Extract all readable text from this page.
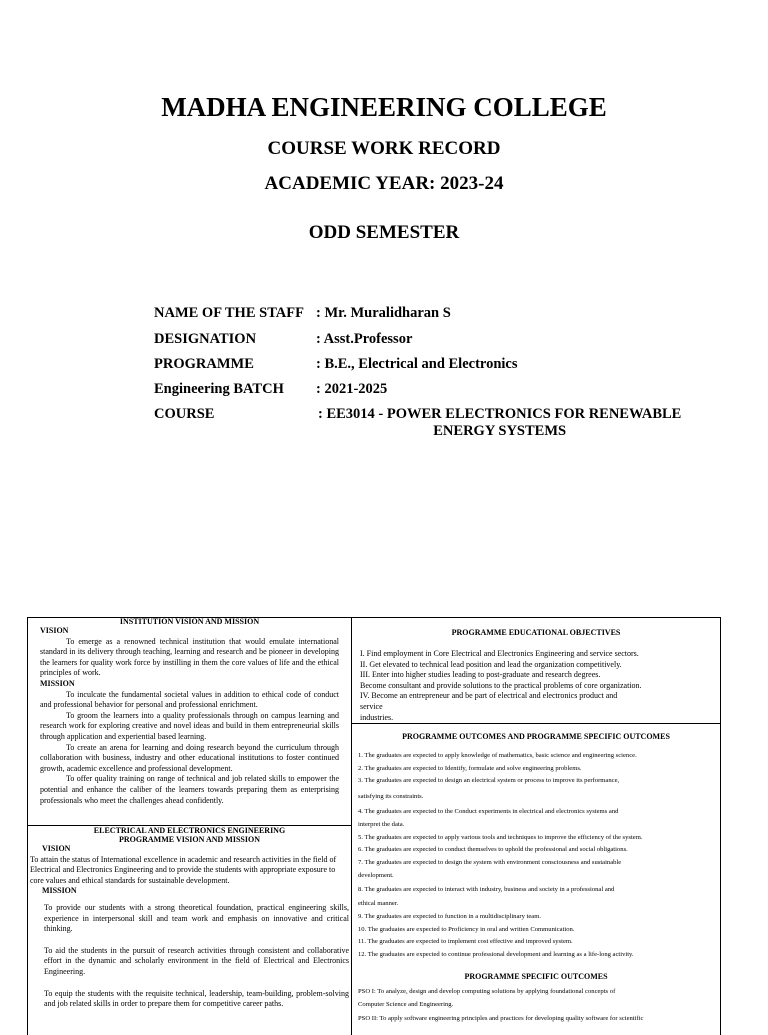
MADHA ENGINEERING COLLEGE
COURSE WORK RECORD
ACADEMIC YEAR: 2023-24
ODD SEMESTER
NAME OF THE STAFF : Mr. Muralidharan S
DESIGNATION	: Asst.Professor
PROGRAMME	: B.E., Electrical and Electronics
Engineering BATCH : 2021-2025
COURSE	: EE3014 - POWER ELECTRONICS FOR RENEWABLE
ENERGY SYSTEMS
INSTITUTION VISION AND MISSION
VISION

To emerge as a renowned technical institution that would emulate international standard in its delivery through teaching, learning and research and be pioneer in developing the learners for quality work force by instilling in them the core values of life and the ethical principles of work.

MISSION

To inculcate the fundamental societal values in addition to ethical code of conduct and professional behavior for personal and professional enrichment.

To groom the learners into a quality professionals through on campus learning and research work for exploring creative and novel ideas and build in them entrepreneurial skills through application and experiential based learning.

To create an arena for learning and doing research beyond the curriculum through collaboration with business, industry and other educational institutions to foster continued growth, academic excellence and professional development.

To offer quality training on range of technical and job related skills to empower the potential and enhance the caliber of the learners towards preparing them as enterprising professionals who meet the challenges ahead confidently.

ELECTRICAL AND ELECTRONICS ENGINEERING
PROGRAMME VISION AND MISSION
VISION

To attain the status of International excellence in academic and research activities in the field of Electrical and Electronics Engineering and to provide the students with appropriate exposure to core values and ethical standards for sustainable development.

MISSION

To provide our students with a strong theoretical foundation, practical engineering skills, experience in interpersonal skill and team work and emphasis on innovative and critical thinking.

To aid the students in the pursuit of research activities through consistent and collaborative effort in the dynamic and scholarly environment in the field of Electrical and Electronics Engineering.

To equip the students with the requisite technical, leadership, team-building, problem-solving and job related skills in order to prepare them for competitive career paths.

PROGRAMME EDUCATIONAL OBJECTIVES
I. Find employment in Core Electrical and Electronics Engineering and service sectors.
II. Get elevated to technical lead position and lead the organization competitively.
III. Enter into higher studies leading to post-graduate and research degrees.
Become consultant and provide solutions to the practical problems of core organization.
IV. Become an entrepreneur and be part of electrical and electronics product and
service
industries.
PROGRAMME OUTCOMES AND PROGRAMME SPECIFIC OUTCOMES
1. The graduates are expected to apply knowledge of mathematics, basic science and engineering science.
2. The graduates are expected to Identify, formulate and solve engineering problems.
3. The graduates are expected to design an electrical system or process to improve its performance,
satisfying its constraints.
4. The graduates are expected to the Conduct experiments in electrical and electronics systems and
interpret the data.
5. The graduates are expected to apply various tools and techniques to improve the efficiency of the system.
6. The graduates are expected to conduct themselves to uphold the professional and social obligations.
7. The graduates are expected to design the system with environment consciousness and sustainable
development.
8. The graduates are expected to interact with industry, business and society in a professional and
ethical manner.
9. The graduates are expected to function in a multidisciplinary team.
10. The graduates are expected to Proficiency in oral and written Communication.
11. The graduates are expected to implement cost effective and improved system.
12. The graduates are expected to continue professional development and learning as a life-long activity.
PROGRAMME SPECIFIC OUTCOMES
PSO I: To analyze, design and develop computing solutions by applying foundational concepts of
Computer Science and Engineering.
PSO II: To apply software engineering principles and practices for developing quality software for scientific
